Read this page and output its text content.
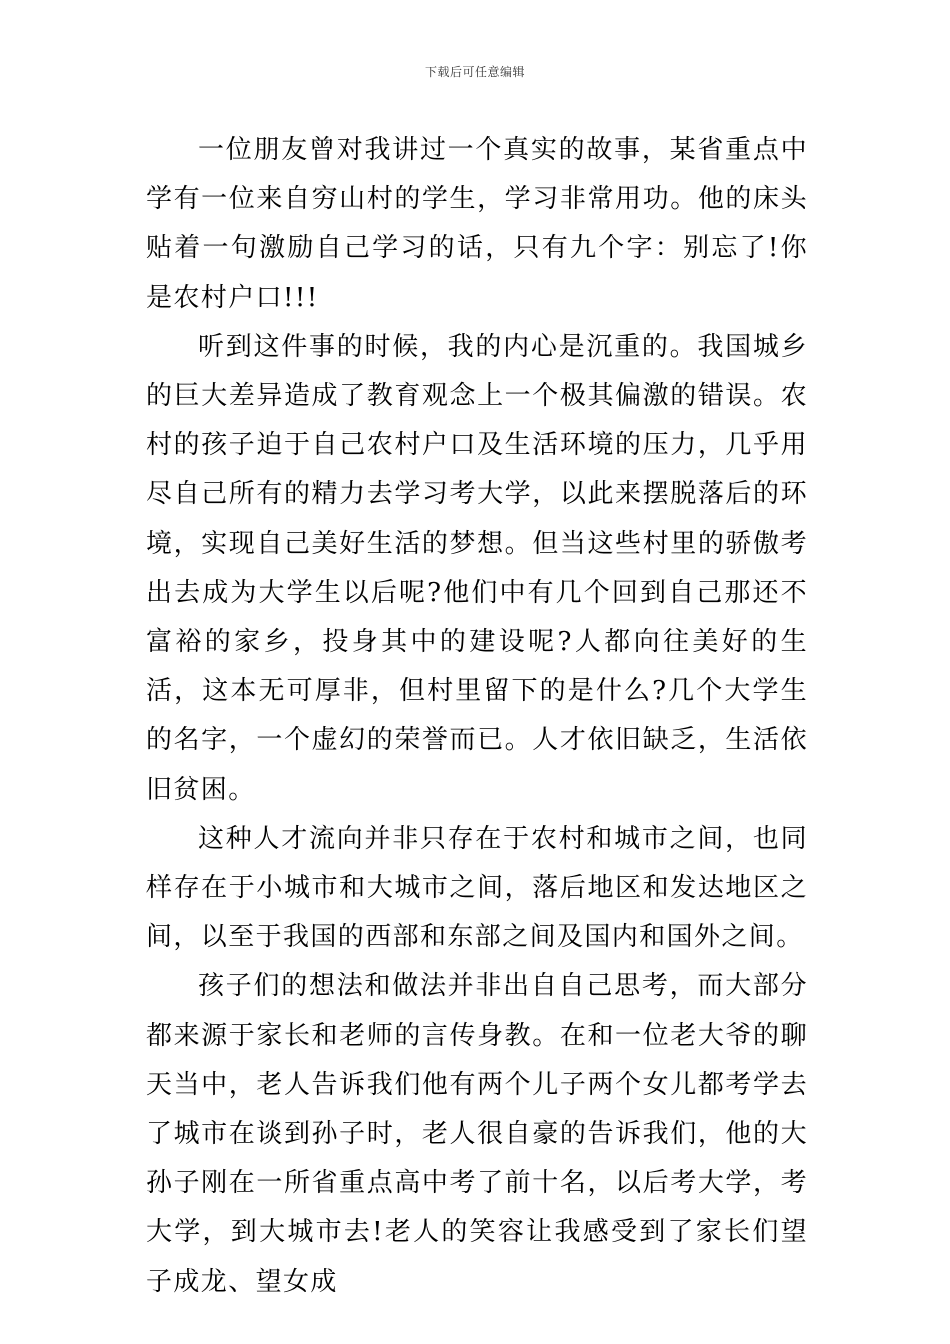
下载后可任意编辑

一位朋友曾对我讲过一个真实的故事，某省重点中学有一位来自穷山村的学生，学习非常用功。他的床头贴着一句激励自己学习的话，只有九个字：别忘了!你是农村户口!!!

听到这件事的时候，我的内心是沉重的。我国城乡的巨大差异造成了教育观念上一个极其偏激的错误。农村的孩子迫于自己农村户口及生活环境的压力，几乎用尽自己所有的精力去学习考大学，以此来摆脱落后的环境，实现自己美好生活的梦想。但当这些村里的骄傲考出去成为大学生以后呢?他们中有几个回到自己那还不富裕的家乡，投身其中的建设呢?人都向往美好的生活，这本无可厚非，但村里留下的是什么?几个大学生的名字，一个虚幻的荣誉而已。人才依旧缺乏，生活依旧贫困。

这种人才流向并非只存在于农村和城市之间，也同样存在于小城市和大城市之间，落后地区和发达地区之间，以至于我国的西部和东部之间及国内和国外之间。

孩子们的想法和做法并非出自自己思考，而大部分都来源于家长和老师的言传身教。在和一位老大爷的聊天当中，老人告诉我们他有两个儿子两个女儿都考学去了城市在谈到孙子时，老人很自豪的告诉我们，他的大孙子刚在一所省重点高中考了前十名，以后考大学，考大学，到大城市去!老人的笑容让我感受到了家长们望子成龙、望女成
